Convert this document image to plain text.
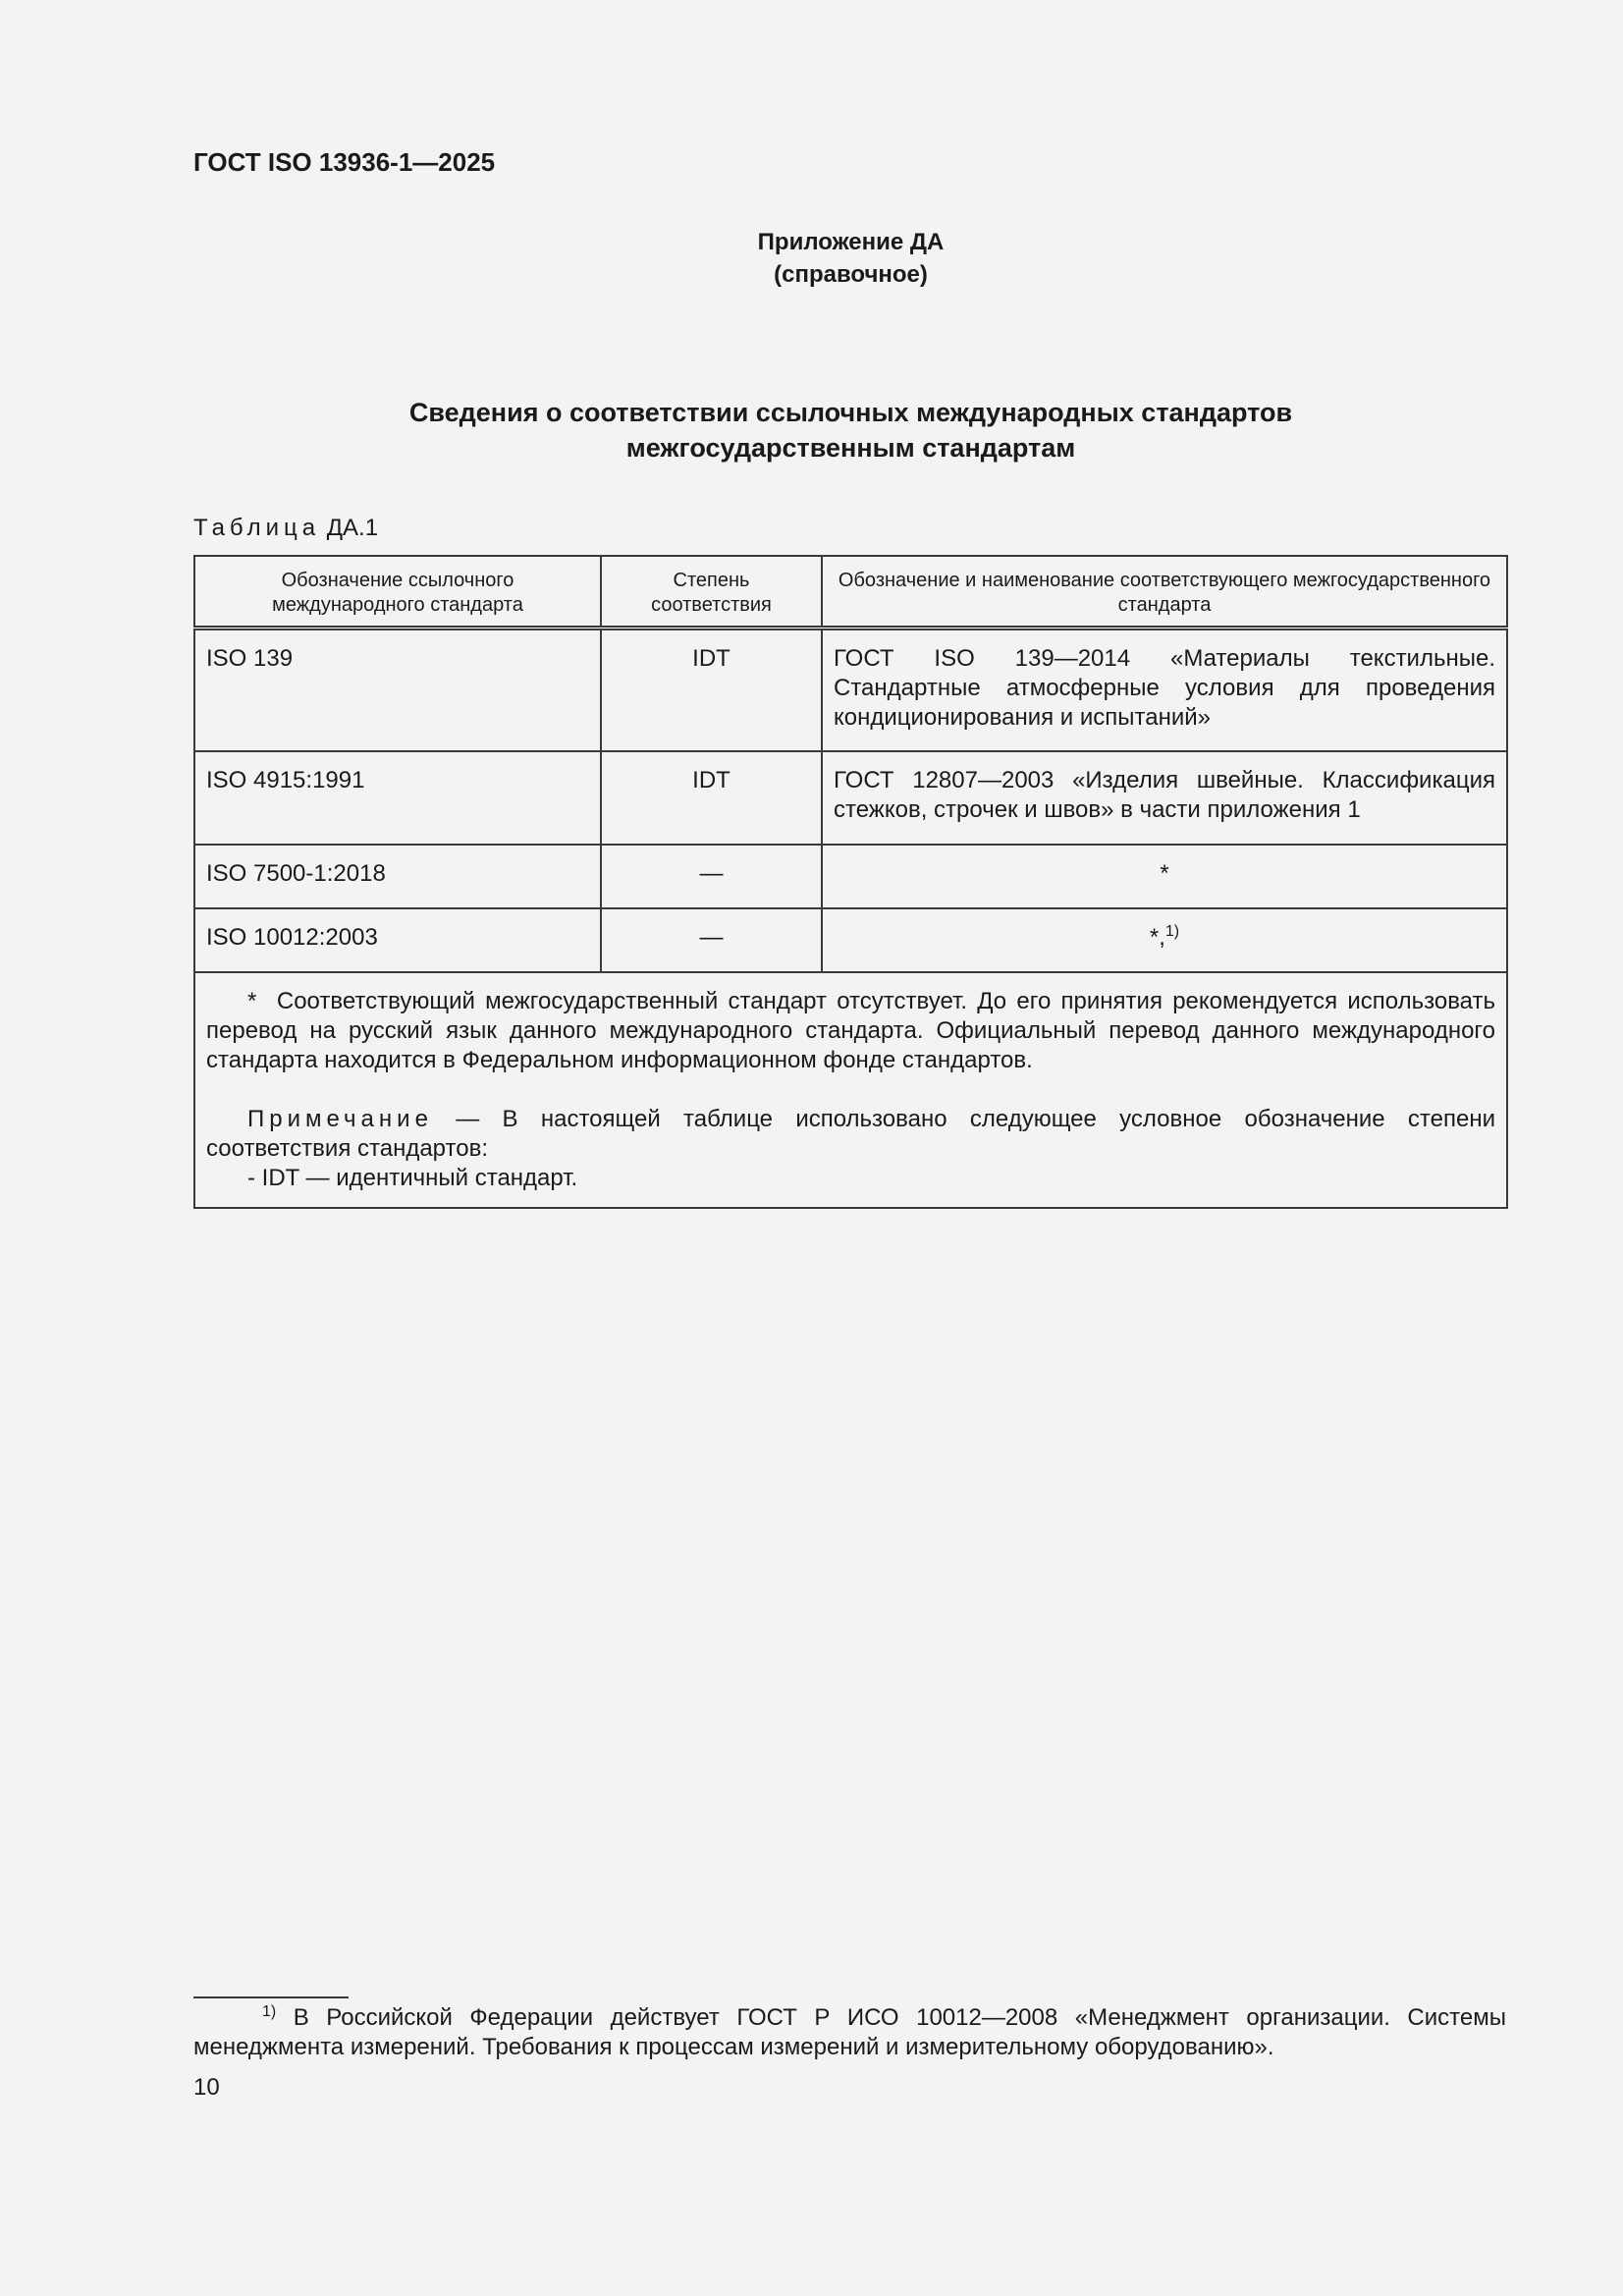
ГОСТ ISO 13936-1—2025
Приложение ДА
(справочное)
Сведения о соответствии ссылочных международных стандартов
межгосударственным стандартам
Таблица ДА.1
Обозначение ссылочного международного стандарта	Степень соответствия	Обозначение и наименование соответствующего межгосударственного стандарта
ISO 139	IDT	ГОСТ ISO 139—2014 «Материалы текстильные. Стандартные атмосферные условия для проведения кондиционирования и испытаний»
ISO 4915:1991	IDT	ГОСТ 12807—2003 «Изделия швейные. Классификация стежков, строчек и швов» в части приложения 1
ISO 7500-1:2018	—	*
ISO 10012:2003	—	*,$^{1)}$

* Соответствующий межгосударственный стандарт отсутствует. До его принятия рекомендуется использовать перевод на русский язык данного международного стандарта. Официальный перевод данного международного стандарта находится в Федеральном информационном фонде стандартов.
Примечание — В настоящей таблице использовано следующее условное обозначение степени соответствия стандартов:
- IDT — идентичный стандарт.		
$^{1)}$ В Российской Федерации действует ГОСТ Р ИСО 10012—2008 «Менеджмент организации. Системы менеджмента измерений. Требования к процессам измерений и измерительному оборудованию».
10
